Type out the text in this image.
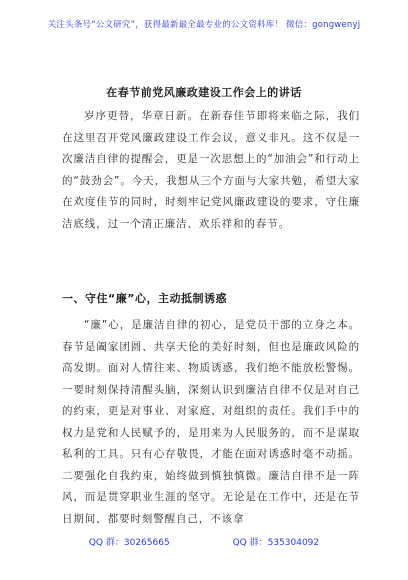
关注头条号“公文研究”，获得最新最全最专业的公文资料库！ 微信：gongwenyj
在春节前党风廉政建设工作会上的讲话
岁序更替，华章日新。在新春佳节即将来临之际，我们在这里召开党风廉政建设工作会议，意义非凡。这不仅是一次廉洁自律的提醒会，更是一次思想上的“加油会”和行动上的“鼓劲会”。今天，我想从三个方面与大家共勉，希望大家在欢度佳节的同时，时刻牢记党风廉政建设的要求，守住廉洁底线，过一个清正廉洁、欢乐祥和的春节。
一、守住“廉”心，主动抵制诱惑
“廉”心，是廉洁自律的初心，是党员干部的立身之本。春节是阖家团圆、共享天伦的美好时刻，但也是廉政风险的高发期。面对人情往来、物质诱惑，我们绝不能放松警惕。一要时刻保持清醒头脑，深刻认识到廉洁自律不仅是对自己的约束，更是对事业、对家庭、对组织的责任。我们手中的权力是党和人民赋予的，是用来为人民服务的，而不是谋取私利的工具。只有心存敬畏，才能在面对诱惑时毫不动摇。二要强化自我约束，始终做到慎独慎微。廉洁自律不是一阵风，而是贯穿职业生涯的坚守。无论是在工作中，还是在节日期间，都要时刻警醒自己，不该拿
QQ 群：30265665	QQ 群：535304092
